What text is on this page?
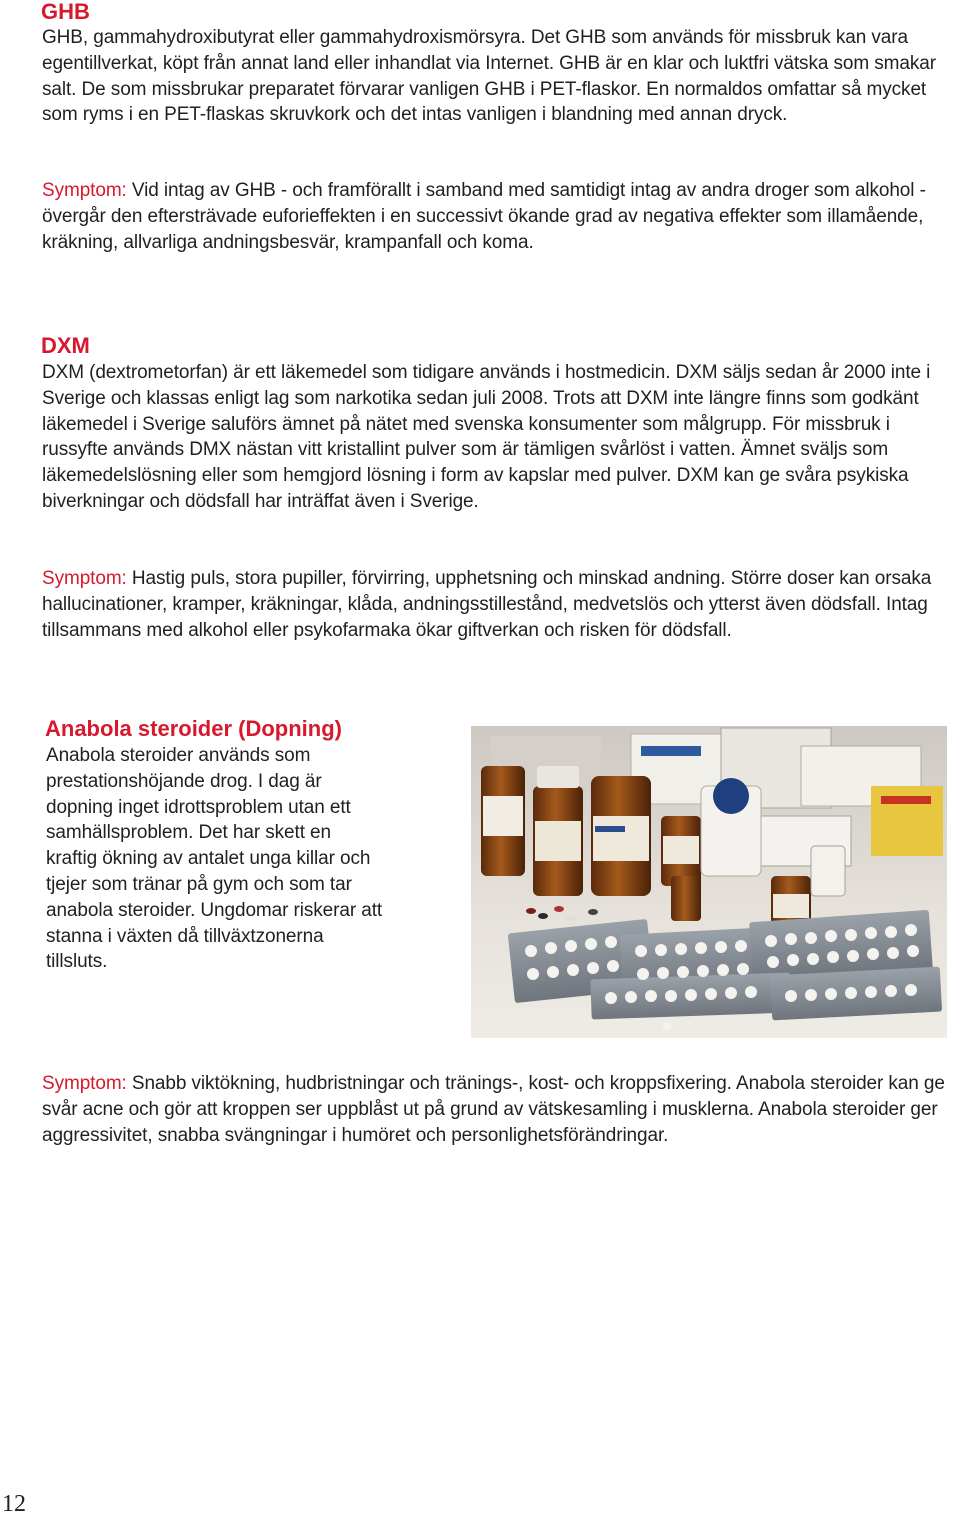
GHB

GHB, gammahydroxibutyrat eller gammahydroxismörsyra. Det GHB som används för missbruk kan vara egentillverkat, köpt från annat land eller inhandlat via Internet. GHB är en klar och luktfri vätska som smakar salt. De som missbrukar preparatet förvarar vanligen GHB i PET-flaskor. En normaldos omfattar så mycket som ryms i en PET-flaskas skruvkork och det intas vanligen i blandning med annan dryck.

Symptom: Vid intag av GHB - och framförallt i samband med samtidigt intag av andra droger som alkohol - övergår den eftersträvade euforieffekten i en successivt ökande grad av negativa effekter som illamående, kräkning, allvarliga andningsbesvär, krampanfall och koma.

DXM

DXM (dextrometorfan) är ett läkemedel som tidigare används i hostmedicin. DXM säljs sedan år 2000 inte i Sverige och klassas enligt lag som narkotika sedan juli 2008. Trots att DXM inte längre finns som godkänt läkemedel i Sverige saluförs ämnet på nätet med svenska konsumenter som målgrupp. För missbruk i russyfte används DMX nästan vitt kristallint pulver som är tämligen svårlöst i vatten. Ämnet sväljs som läkemedelslösning eller som hemgjord lösning i form av kapslar med pulver. DXM kan ge svåra psykiska biverkningar och dödsfall har inträffat även i Sverige.

Symptom: Hastig puls, stora pupiller, förvirring, upphetsning och minskad andning. Större doser kan orsaka hallucinationer, kramper, kräkningar, klåda, andningsstillestånd, medvetslös och ytterst även dödsfall. Intag tillsammans med alkohol eller psykofarmaka ökar giftverkan och risken för dödsfall.

Anabola steroider (Dopning)

Anabola steroider används som prestationshöjande drog. I dag är dopning inget idrottsproblem utan ett samhällsproblem. Det har skett en kraftig ökning av antalet unga killar och tjejer som tränar på gym och som tar anabola steroider. Ungdomar riskerar att stanna i växten då tillväxtzonerna tillsluts.

Symptom: Snabb viktökning, hudbristningar och tränings-, kost- och kroppsfixering. Anabola steroider kan ge svår acne och gör att kroppen ser uppblåst ut på grund av vätskesamling i musklerna. Anabola steroider ger aggressivitet, snabba svängningar i humöret och personlighetsförändringar.

12
